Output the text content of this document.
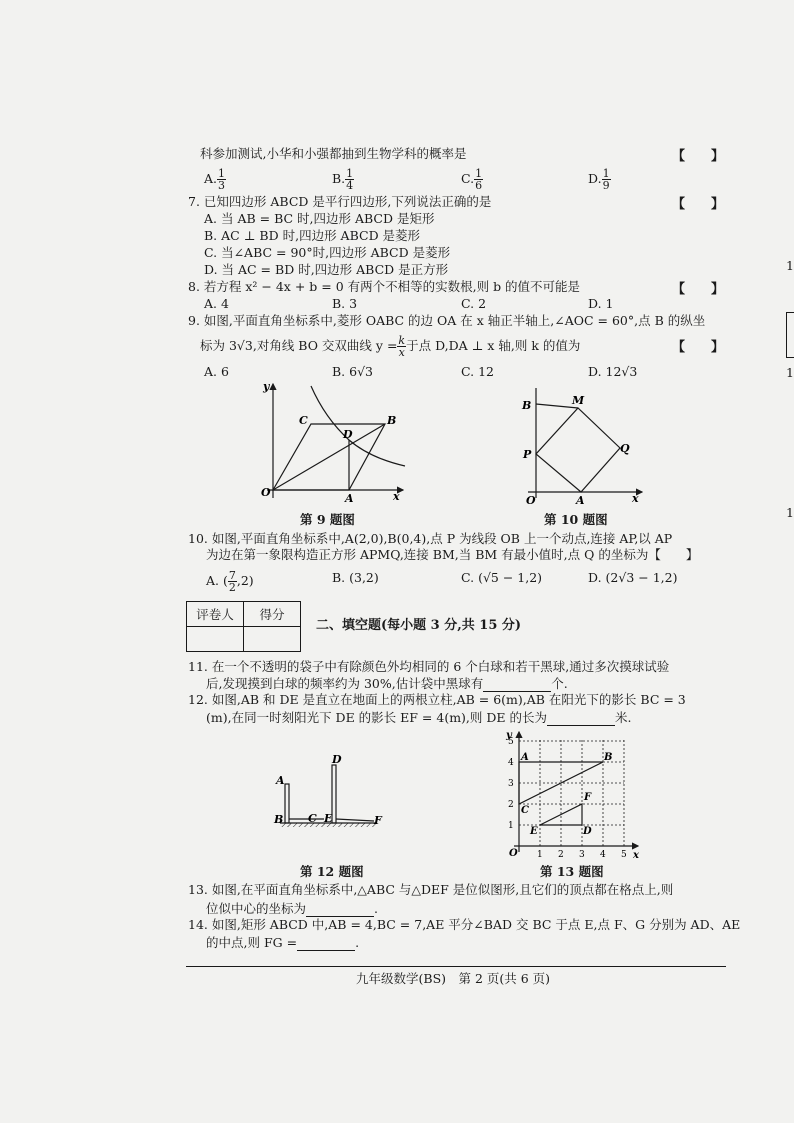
科参加测试,小华和小强都抽到生物学科的概率是	【　　】
A. $\frac{1}{3}$	B. $\frac{1}{4}$	C. $\frac{1}{6}$	D. $\frac{1}{9}$
7. 已知四边形 ABCD 是平行四边形,下列说法正确的是	【　　】
A. 当 AB = BC 时,四边形 ABCD 是矩形
B. AC ⊥ BD 时,四边形 ABCD 是菱形
C. 当∠ABC = 90°时,四边形 ABCD 是菱形
D. 当 AC = BD 时,四边形 ABCD 是正方形
8. 若方程 x² − 4x + b = 0 有两个不相等的实数根,则 b 的值不可能是	【　　】
A. 4	B. 3	C. 2	D. 1
9. 如图,平面直角坐标系中,菱形 OABC 的边 OA 在 x 轴正半轴上,∠AOC = 60°,点 B 的纵坐
标为 3√3,对角线 BO 交双曲线 $y = \frac{k}{x}$ 于点 D,DA ⊥ x 轴,则 k 的值为	【　　】
A. 6	B. 6√3	C. 12	D. 12√3
y
x
O	A
B
C
D
第 9 题图
B	M
P	Q
O	A	x
第 10 题图
10. 如图,平面直角坐标系中,A(2,0),B(0,4),点 P 为线段 OB 上一个动点,连接 AP,以 AP
为边在第一象限构造正方形 APMQ,连接 BM,当 BM 有最小值时,点 Q 的坐标为【　　】
A. ( $\frac{7}{2} ,2$)	B. (3,2)	C. (√5 − 1,2)	D. (2√3 − 1,2)
评卷人	得分

二、填空题(每小题 3 分,共 15 分)
11. 在一个不透明的袋子中有除颜色外均相同的 6 个白球和若干黑球,通过多次摸球试验
后,发现摸到白球的频率约为 30%,估计袋中黑球有	个.
12. 如图,AB 和 DE 是直立在地面上的两根立柱,AB = 6(m),AB 在阳光下的影长 BC = 3
(m),在同一时刻阳光下 DE 的影长 EF = 4(m),则 DE 的长为	米.
A
B C
D
E	F
第 12 题图
y
x
O 1 2 3 4 5
1
2
3
4
5
A	B
C
D
E
F
第 13 题图
13. 如图,在平面直角坐标系中,△ABC 与△DEF 是位似图形,且它们的顶点都在格点上,则
位似中心的坐标为	.
14. 如图,矩形 ABCD 中,AB = 4,BC = 7,AE 平分∠BAD 交 BC 于点 E,点 F、G 分别为 AD、AE
的中点,则 FG =	.
九年级数学(BS)　第 2 页(共 6 页)
1
1
1
